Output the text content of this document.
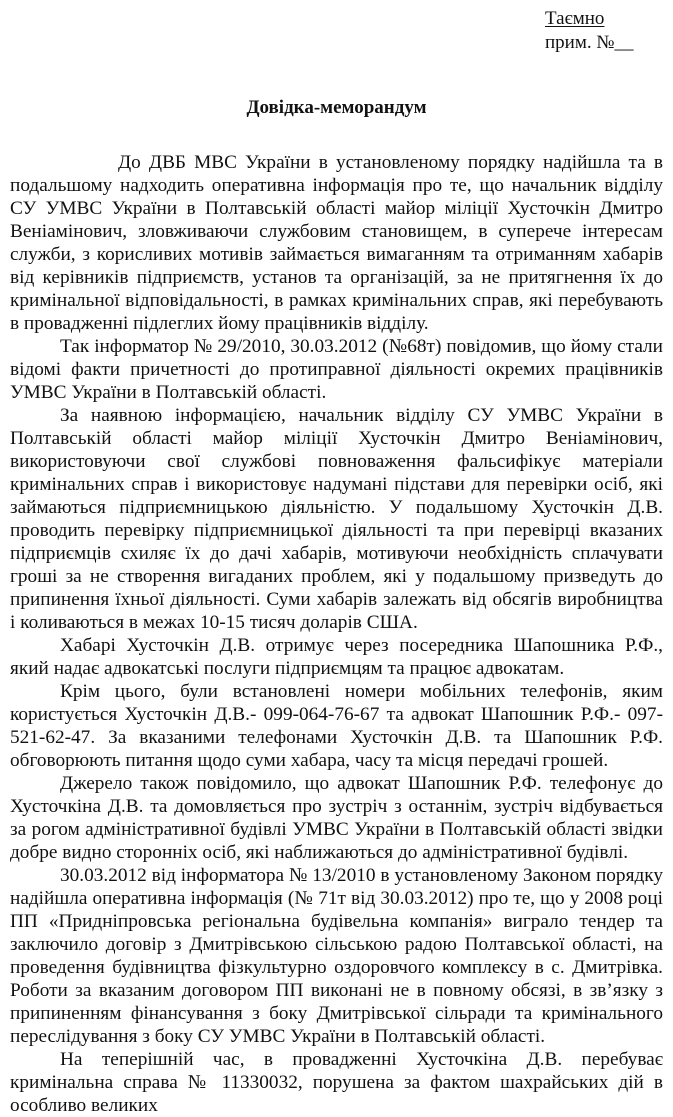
Таємно
прим. №__
Довідка-меморандум

До ДВБ МВС України в установленому порядку надійшла та в подальшому надходить оперативна інформація про те, що начальник відділу СУ УМВС України в Полтавській області майор міліції Хусточкін Дмитро Веніамінович, зловживаючи службовим становищем, в суперече інтересам служби, з корисливих мотивів займається вимаганням та отриманням хабарів від керівників підприємств, установ та організацій, за не притягнення їх до кримінальної відповідальності, в рамках кримінальних справ, які перебувають в провадженні підлеглих йому працівників відділу.

Так інформатор № 29/2010, 30.03.2012 (№68т) повідомив, що йому стали відомі факти причетності до протиправної діяльності окремих працівників УМВС України в Полтавській області.

За наявною інформацією, начальник відділу СУ УМВС України в Полтавській області майор міліції Хусточкін Дмитро Веніамінович, використовуючи свої службові повноваження фальсифікує матеріали кримінальних справ і використовує надумані підстави для перевірки осіб, які займаються підприємницькою діяльністю. У подальшому Хусточкін Д.В. проводить перевірку підприємницької діяльності та при перевірці вказаних підприємців схиляє їх до дачі хабарів, мотивуючи необхідність сплачувати гроші за не створення вигаданих проблем, які у подальшому призведуть до припинення їхньої діяльності. Суми хабарів залежать від обсягів виробництва і коливаються в межах 10-15 тисяч доларів США.

Хабарі Хусточкін Д.В. отримує через посередника Шапошника Р.Ф., який надає адвокатські послуги підприємцям та працює адвокатам.

Крім цього, були встановлені номери мобільних телефонів, яким користується Хусточкін Д.В.- 099-064-76-67 та адвокат Шапошник Р.Ф.- 097-521-62-47. За вказаними телефонами Хусточкін Д.В. та Шапошник Р.Ф. обговорюють питання щодо суми хабара, часу та місця передачі грошей.

Джерело також повідомило, що адвокат Шапошник Р.Ф. телефонує до Хусточкіна Д.В. та домовляється про зустріч з останнім, зустріч відбувається за рогом адміністративної будівлі УМВС України в Полтавській області звідки добре видно сторонніх осіб, які наближаються до адміністративної будівлі.

30.03.2012 від інформатора № 13/2010 в установленому Законом порядку надійшла оперативна інформація (№ 71т від 30.03.2012) про те, що у 2008 році ПП «Придніпровська регіональна будівельна компанія» виграло тендер та заключило договір з Дмитрівською сільською радою Полтавської області, на проведення будівництва фізкультурно оздоровчого комплексу в с. Дмитрівка. Роботи за вказаним договором ПП виконані не в повному обсязі, в зв’язку з припиненням фінансування з боку Дмитрівської сільради та кримінального переслідування з боку СУ УМВС України в Полтавській області.

На теперішній час, в провадженні Хусточкіна Д.В. перебуває кримінальна справа № 11330032, порушена за фактом шахрайських дій в особливо великих
